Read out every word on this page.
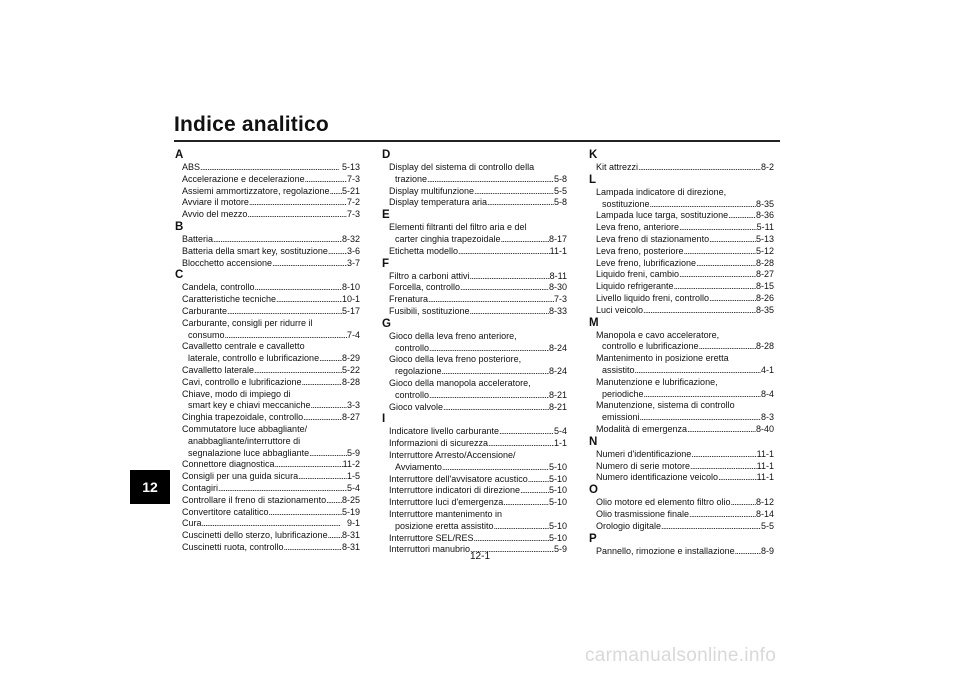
Indice analitico
12
A
ABS . . .	5-13
Accelerazione e decelerazione . . .	7-3
Assiemi ammortizzatore, regolazione . . . 5-21
Avviare il motore . . .	7-2
Avvio del mezzo . . .	7-3
B
Batteria . . .	8-32
Batteria della smart key, sostituzione . . . 3-6
Blocchetto accensione . . .	3-7
C
Candela, controllo . . .	8-10
Caratteristiche tecniche . . .	10-1
Carburante . . .	5-17
Carburante, consigli per ridurre il
consumo . . .	7-4
Cavalletto centrale e cavalletto
laterale, controllo e lubrificazione . . .	8-29
Cavalletto laterale . . .	5-22
Cavi, controllo e lubrificazione . . .	8-28
Chiave, modo di impiego di
smart key e chiavi meccaniche . . .	3-3
Cinghia trapezoidale, controllo . . .	8-27
Commutatore luce abbagliante/
anabbagliante/interruttore di
segnalazione luce abbagliante . . .	5-9
Connettore diagnostica . . .	11-2
Consigli per una guida sicura . . .	1-5
Contagiri . . .	5-4
Controllare il freno di stazionamento . . . 8-25
Convertitore catalitico . . .	5-19
Cura . . .	9-1
Cuscinetti dello sterzo, lubrificazione . . . 8-31
Cuscinetti ruota, controllo . . .	8-31
D
Display del sistema di controllo della
trazione . . .	5-8
Display multifunzione . . .	5-5
Display temperatura aria . . .	5-8
E
Elementi filtranti del filtro aria e del
carter cinghia trapezoidale . . .	8-17
Etichetta modello . . .	11-1
F
Filtro a carboni attivi . . .	8-11
Forcella, controllo . . .	8-30
Frenatura . . .	7-3
Fusibili, sostituzione . . .	8-33
G
Gioco della leva freno anteriore,
controllo . . .	8-24
Gioco della leva freno posteriore,
regolazione . . .	8-24
Gioco della manopola acceleratore,
controllo . . .	8-21
Gioco valvole . . .	8-21
I
Indicatore livello carburante . . .	5-4
Informazioni di sicurezza . . .	1-1
Interruttore Arresto/Accensione/
Avviamento . . .	5-10
Interruttore dell'avvisatore acustico . . . 5-10
Interruttore indicatori di direzione . . .	5-10
Interruttore luci d'emergenza . . .	5-10
Interruttore mantenimento in
posizione eretta assistito . . .	5-10
Interruttore SEL/RES . . .	5-10
Interruttori manubrio . . .	5-9
K
Kit attrezzi . . .	8-2
L
Lampada indicatore di direzione,
sostituzione . . .	8-35
Lampada luce targa, sostituzione . . .	8-36
Leva freno, anteriore . . .	5-11
Leva freno di stazionamento . . .	5-13
Leva freno, posteriore . . .	5-12
Leve freno, lubrificazione . . .	8-28
Liquido freni, cambio . . .	8-27
Liquido refrigerante . . .	8-15
Livello liquido freni, controllo . . .	8-26
Luci veicolo . . .	8-35
M
Manopola e cavo acceleratore,
controllo e lubrificazione . . .	8-28
Mantenimento in posizione eretta
assistito . . .	4-1
Manutenzione e lubrificazione,
periodiche . . .	8-4
Manutenzione, sistema di controllo
emissioni . . .	8-3
Modalità di emergenza . . .	8-40
N
Numeri d'identificazione . . .	11-1
Numero di serie motore . . .	11-1
Numero identificazione veicolo . . .	11-1
O
Olio motore ed elemento filtro olio . . .	8-12
Olio trasmissione finale . . .	8-14
Orologio digitale . . .	5-5
P
Pannello, rimozione e installazione . . .	8-9
12-1
carmanualsonline.info
